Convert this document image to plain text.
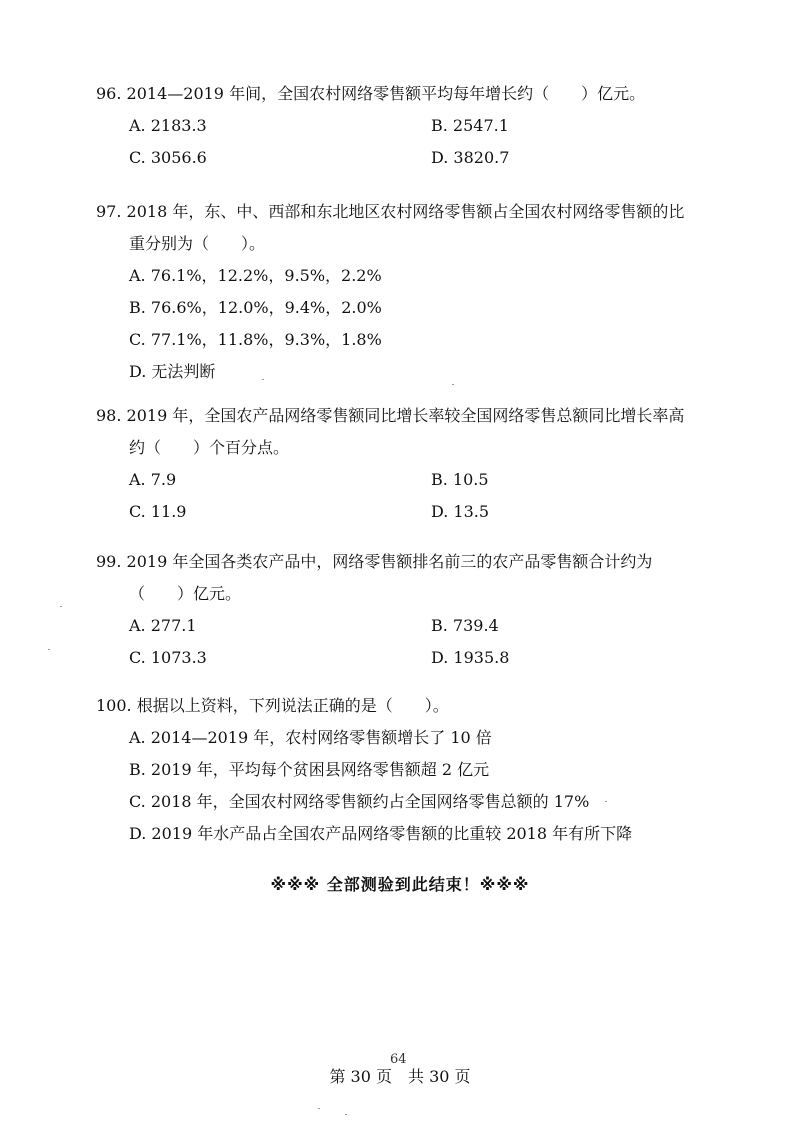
96. 2014—2019 年间，全国农村网络零售额平均每年增长约（　　）亿元。

A. 2183.3	B. 2547.1
C. 3056.6	D. 3820.7

97. 2018 年，东、中、西部和东北地区农村网络零售额占全国农村网络零售额的比

重分别为（　　）。

A. 76.1%，12.2%，9.5%，2.2%
B. 76.6%，12.0%，9.4%，2.0%
C. 77.1%，11.8%，9.3%，1.8%
D. 无法判断

98. 2019 年，全国农产品网络零售额同比增长率较全国网络零售总额同比增长率高

约（　　）个百分点。

A. 7.9	B. 10.5
C. 11.9	D. 13.5

99. 2019 年全国各类农产品中，网络零售额排名前三的农产品零售额合计约为

（　　）亿元。

A. 277.1	B. 739.4
C. 1073.3	D. 1935.8

100. 根据以上资料，下列说法正确的是（　　）。

A. 2014—2019 年，农村网络零售额增长了 10 倍
B. 2019 年，平均每个贫困县网络零售额超 2 亿元
C. 2018 年，全国农村网络零售额约占全国网络零售总额的 17%
D. 2019 年水产品占全国农产品网络零售额的比重较 2018 年有所下降
※※※ 全部测验到此结束！※※※
64
第 30 页　共 30 页
